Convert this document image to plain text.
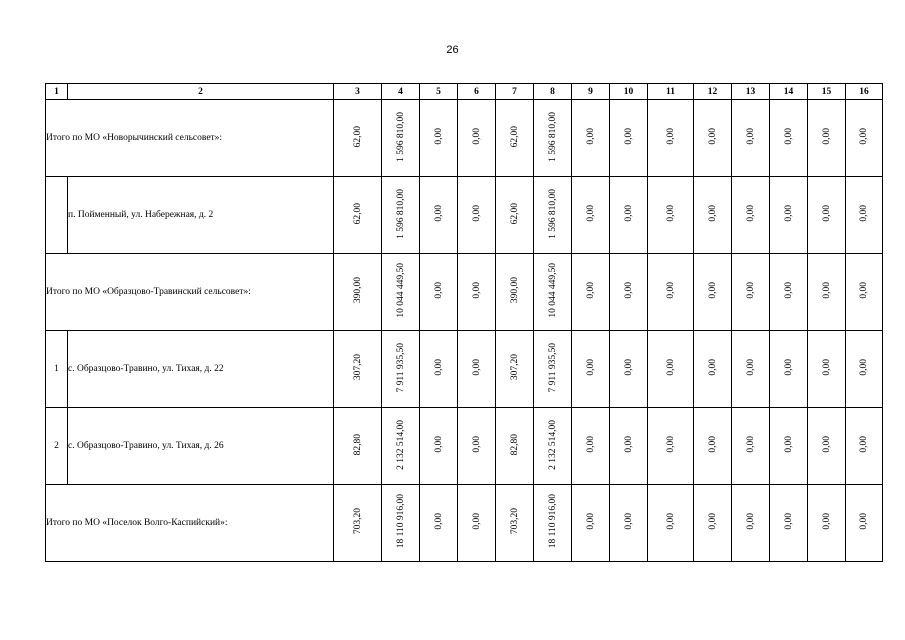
26
1	2	3	4	5	6	7	8	9	10	11	12	13	14	15	16
Итого по МО «Новорычинский сельсовет»:		62,00	1 596 810,00	0,00	0,00	62,00	1 596 810,00	0,00	0,00	0,00	0,00	0,00	0,00	0,00	0,00
	п. Пойменный, ул. Набережная, д. 2	62,00	1 596 810,00	0,00	0,00	62,00	1 596 810,00	0,00	0,00	0,00	0,00	0,00	0,00	0,00	0,00
Итого по МО «Образцово-Травинский сельсовет»:		390,00	10 044 449,50	0,00	0,00	390,00	10 044 449,50	0,00	0,00	0,00	0,00	0,00	0,00	0,00	0,00
1	с. Образцово-Травино, ул. Тихая, д. 22	307,20	7 911 935,50	0,00	0,00	307,20	7 911 935,50	0,00	0,00	0,00	0,00	0,00	0,00	0,00	0,00
2	с. Образцово-Травино, ул. Тихая, д. 26	82,80	2 132 514,00	0,00	0,00	82,80	2 132 514,00	0,00	0,00	0,00	0,00	0,00	0,00	0,00	0,00
Итого по МО «Поселок Волго-Каспийский»:		703,20	18 110 916,00	0,00	0,00	703,20	18 110 916,00	0,00	0,00	0,00	0,00	0,00	0,00	0,00	0,00
